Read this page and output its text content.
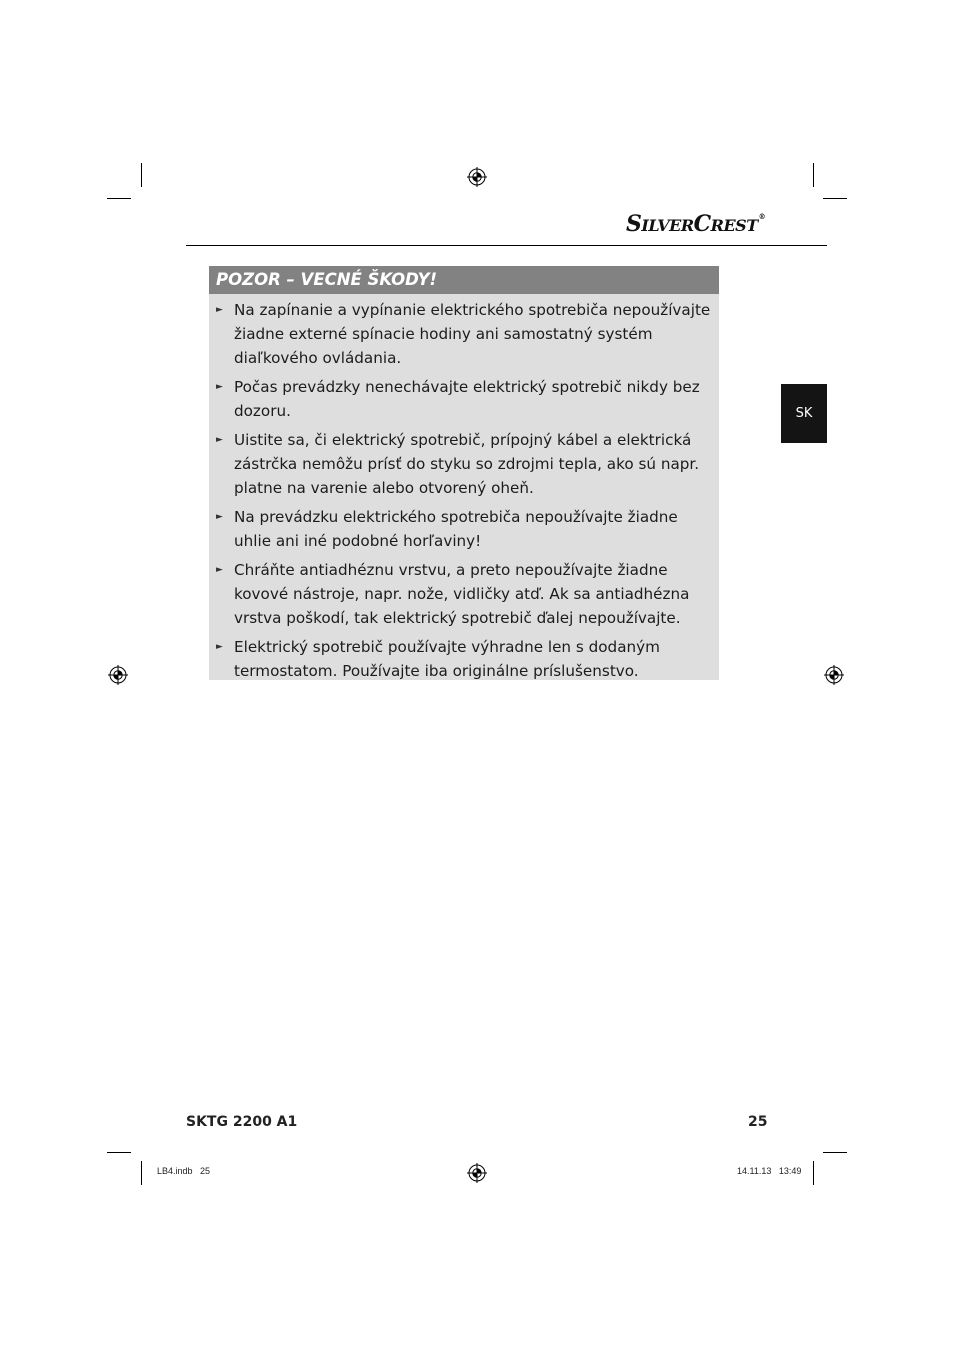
SILVERCREST®
SK
POZOR – VECNÉ ŠKODY!
► Na zapínanie a vypínanie elektrického spotrebiča nepoužívajte žiadne externé spínacie hodiny ani samostatný systém diaľkového ovládania.
► Počas prevádzky nenechávajte elektrický spotrebič nikdy bez dozoru.
► Uistite sa, či elektrický spotrebič, prípojný kábel a elektrická zástrčka nemôžu prísť do styku so zdrojmi tepla, ako sú napr. platne na varenie alebo otvorený oheň.
► Na prevádzku elektrického spotrebiča nepoužívajte žiadne uhlie ani iné podobné horľaviny!
► Chráňte antiadhéznu vrstvu, a preto nepoužívajte žiadne kovové nástroje, napr. nože, vidličky atď. Ak sa antiadhézna vrstva poškodí, tak elektrický spotrebič ďalej nepoužívajte.
► Elektrický spotrebič používajte výhradne len s dodaným termostatom. Používajte iba originálne príslušenstvo.
SKTG 2200 A1	25
LB4.indb   25	14.11.13   13:49
